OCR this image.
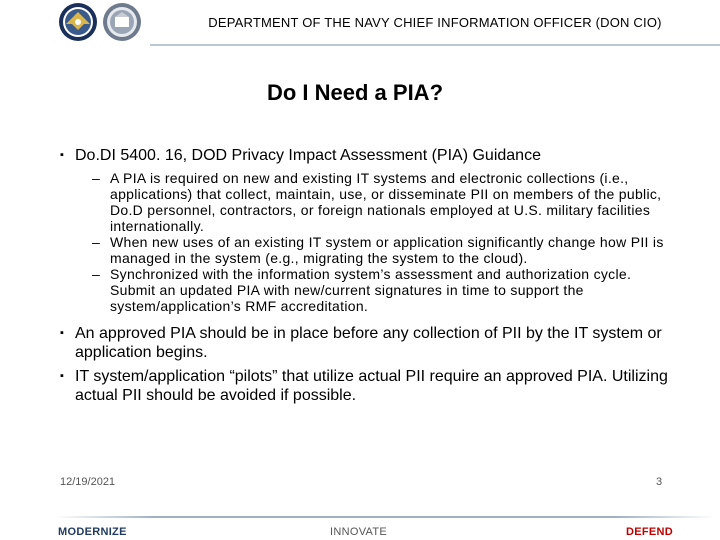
DEPARTMENT OF THE NAVY CHIEF INFORMATION OFFICER (DON CIO)
Do I Need a PIA?
▪ Do.DI 5400. 16, DOD Privacy Impact Assessment (PIA) Guidance
– A PIA is required on new and existing IT systems and electronic collections (i.e., applications) that collect, maintain, use, or disseminate PII on members of the public, Do.D personnel, contractors, or foreign nationals employed at U.S. military facilities internationally.
– When new uses of an existing IT system or application significantly change how PII is managed in the system (e.g., migrating the system to the cloud).
– Synchronized with the information system’s assessment and authorization cycle. Submit an updated PIA with new/current signatures in time to support the system/application’s RMF accreditation.
▪ An approved PIA should be in place before any collection of PII by the IT system or application begins.
▪ IT system/application “pilots” that utilize actual PII require an approved PIA. Utilizing actual PII should be avoided if possible.
12/19/2021	3
MODERNIZE	INNOVATE	DEFEND
